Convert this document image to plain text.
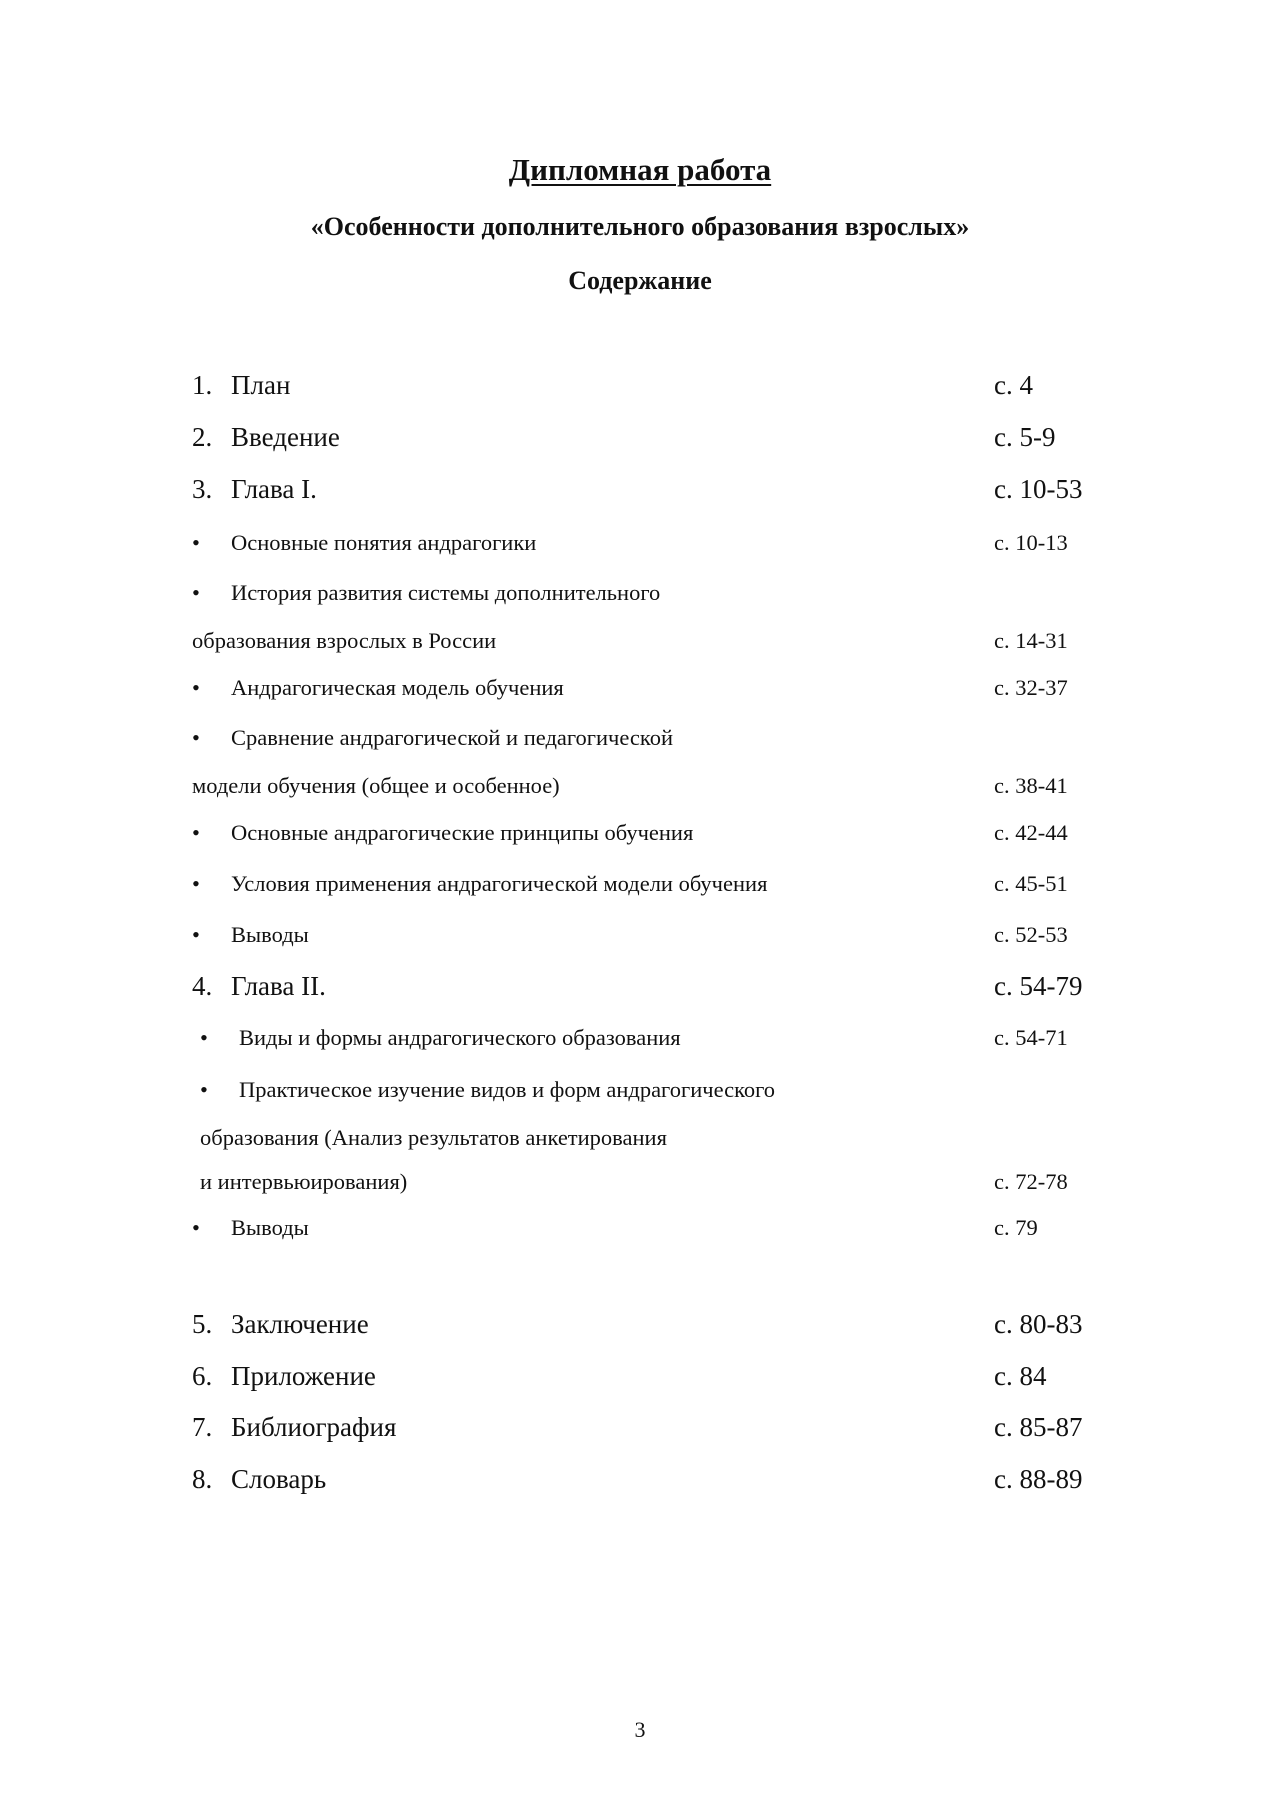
Дипломная работа
«Особенности дополнительного образования взрослых»
Содержание
1. План	с. 4
2. Введение	с. 5-9
3. Глава I.	с. 10-53
• Основные понятия андрагогики	с. 10-13
• История развития системы дополнительного
образования взрослых в России	с. 14-31
• Андрагогическая модель обучения	с. 32-37
• Сравнение андрагогической и педагогической
модели обучения (общее и особенное)	с. 38-41
• Основные андрагогические принципы обучения	с. 42-44
• Условия применения андрагогической модели обучения	с. 45-51
• Выводы	с. 52-53
4. Глава II.	с. 54-79
• Виды и формы андрагогического образования	с. 54-71
• Практическое изучение видов и форм андрагогического
образования (Анализ результатов анкетирования
и интервьюирования)	с. 72-78
• Выводы	с. 79
5. Заключение	с. 80-83
6. Приложение	с. 84
7. Библиография	с. 85-87
8. Словарь	с. 88-89
3
